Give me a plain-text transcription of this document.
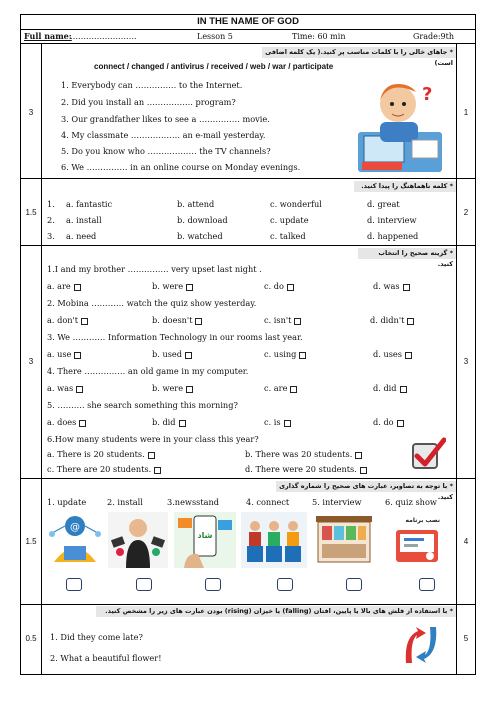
IN THE NAME OF GOD
Full name:
…………………….	Lesson 5	Time: 60 min	Grade:9th
3	1
* جاهای خالی را با کلمات مناسب پر کنید.( یک کلمه اضافی است)
connect / changed / antivirus / received / web / war / participate
1. Everybody can …………… to the Internet.
2. Did you install an …………….. program?
3. Our grandfather likes to see a …………… movie.
4. My classmate ……………… an e-mail yesterday.
5. Do you know who ……………… the TV channels?
6. We …………… in an online course on Monday evenings.
?
1.5	2
* کلمه ناهماهنگ را پیدا کنید.
1. a. fantastic	b. attend	c. wonderful	d. great
2. a. install	b. download	c. update	d. interview
3. a. need	b. watched	c. talked	d. happened
3	3
* گزینه صحیح را انتخاب کنید.
1.I and my brother …………… very upset last night .
a. are	b. were	c. do	d. was
2. Mobina ………… watch the quiz show yesterday.
a. don't	b. doesn't	c. isn't	d. didn't
3. We ………… Information Technology in our rooms last year.
a. use	b. used	c. using	d. uses
4. There …………… an old game in my computer.
a. was	b. were	c. are	d. did
5. ………. she search something this morning?
a. does	b. did	c. is	d. do
6.How many students were in your class this year?
a. There is 20 students.	b. There was 20 students.
c. There are 20 students.	d. There were 20 students.
1.5	4
* با توجه به تصاویر، عبارت های صحیح را شماره گذاری کنید.
1. update	2. install	3.newsstand	4. connect	5. interview	6. quiz show
@
شاد
نصب برنامه
0.5	5
* با استفاده از فلش های بالا یا پایین، افتان (falling) یا خیزان (rising) بودن عبارت های زیر را مشخص کنید.
1. Did they come late?
2. What a beautiful flower!
